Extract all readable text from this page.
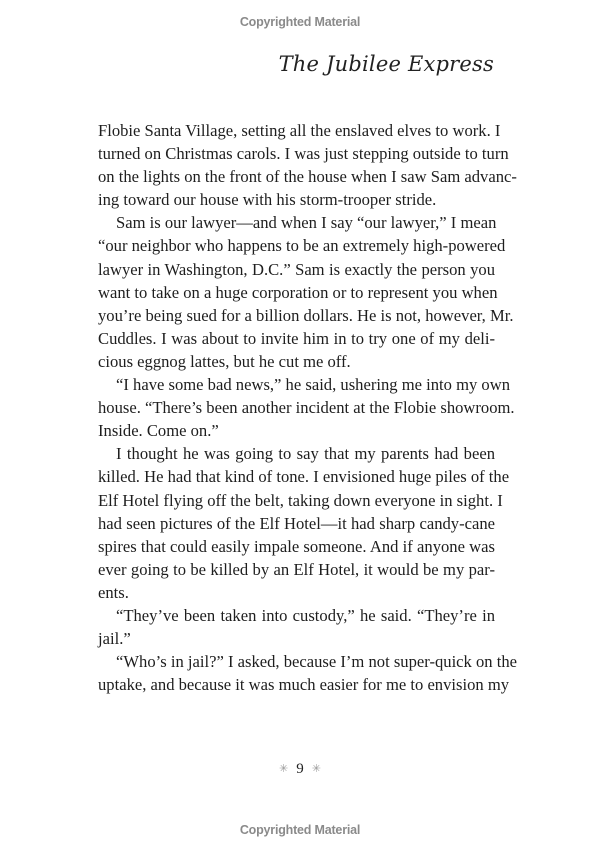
Copyrighted Material
The Jubilee Express
Flobie Santa Village, setting all the enslaved elves to work. I
turned on Christmas carols. I was just stepping outside to turn
on the lights on the front of the house when I saw Sam advanc-
ing toward our house with his storm-trooper stride.
Sam is our lawyer—and when I say “our lawyer,” I mean
“our neighbor who happens to be an extremely high-powered
lawyer in Washington, D.C.” Sam is exactly the person you
want to take on a huge corporation or to represent you when
you’re being sued for a billion dollars. He is not, however, Mr.
Cuddles. I was about to invite him in to try one of my deli-
cious eggnog lattes, but he cut me off.
“I have some bad news,” he said, ushering me into my own
house. “There’s been another incident at the Flobie showroom.
Inside. Come on.”
I thought he was going to say that my parents had been
killed. He had that kind of tone. I envisioned huge piles of the
Elf Hotel flying off the belt, taking down everyone in sight. I
had seen pictures of the Elf Hotel—it had sharp candy-cane
spires that could easily impale someone. And if anyone was
ever going to be killed by an Elf Hotel, it would be my par-
ents.
“They’ve been taken into custody,” he said. “They’re in
jail.”
“Who’s in jail?” I asked, because I’m not super-quick on the
uptake, and because it was much easier for me to envision my
✳ 9 ✳
Copyrighted Material
